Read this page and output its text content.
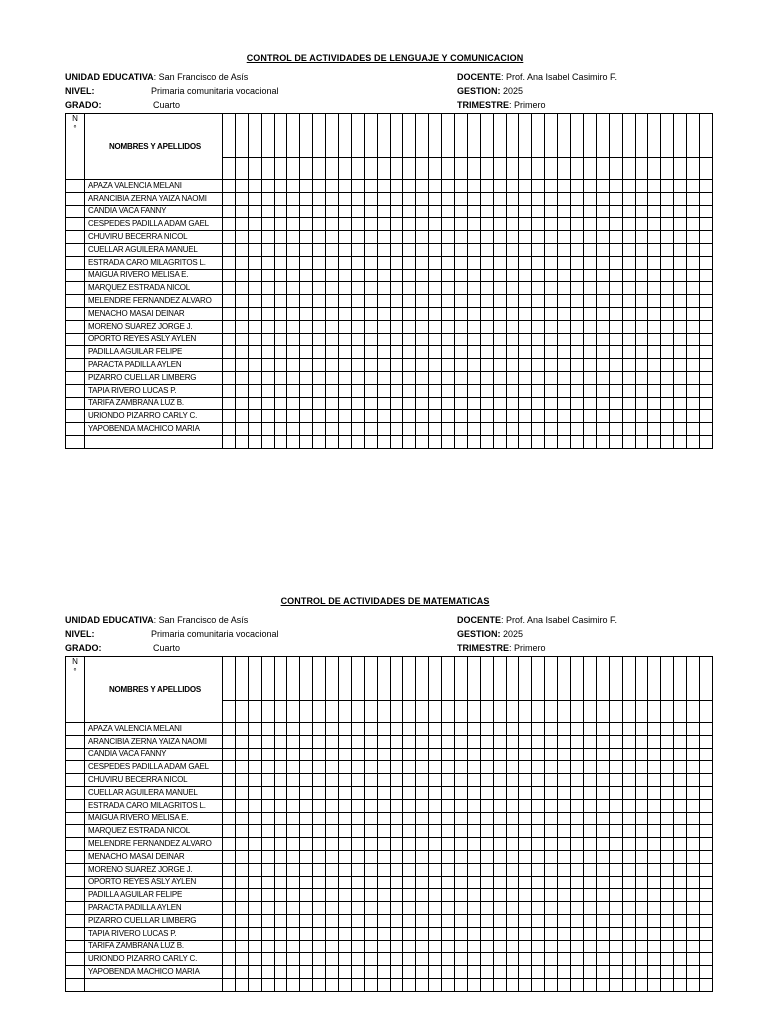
CONTROL DE ACTIVIDADES DE LENGUAJE Y COMUNICACION
UNIDAD EDUCATIVA: San Francisco de Asís
NIVEL:	Primaria comunitaria vocacional
GRADO:	Cuarto
DOCENTE: Prof. Ana Isabel Casimiro F.
GESTION: 2025
TRIMESTRE: Primero
N
°	NOMBRES Y APELLIDOS																																						

	APAZA VALENCIA MELANI																																						
	ARANCIBIA ZERNA YAIZA NAOMI																																						
	CANDIA VACA FANNY																																						
	CESPEDES PADILLA ADAM GAEL																																						
	CHUVIRU BECERRA NICOL																																						
	CUELLAR AGUILERA MANUEL																																						
	ESTRADA CARO MILAGRITOS L.																																						
	MAIGUA RIVERO MELISA E.																																						
	MARQUEZ ESTRADA NICOL																																						
	MELENDRE FERNANDEZ ALVARO																																						
	MENACHO MASAI DEINAR																																						
	MORENO SUAREZ JORGE J.																																						
	OPORTO REYES ASLY AYLEN																																						
	PADILLA AGUILAR FELIPE																																						
	PARACTA PADILLA AYLEN																																						
	PIZARRO CUELLAR LIMBERG																																						
	TAPIA RIVERO LUCAS P.																																						
	TARIFA ZAMBRANA LUZ B.																																						
	URIONDO PIZARRO CARLY C.																																						
	YAPOBENDA MACHICO MARIA																																						

CONTROL DE ACTIVIDADES DE MATEMATICAS
UNIDAD EDUCATIVA: San Francisco de Asís
NIVEL:	Primaria comunitaria vocacional
GRADO:	Cuarto
DOCENTE: Prof. Ana Isabel Casimiro F.
GESTION: 2025
TRIMESTRE: Primero
N
°	NOMBRES Y APELLIDOS																																						

	APAZA VALENCIA MELANI																																						
	ARANCIBIA ZERNA YAIZA NAOMI																																						
	CANDIA VACA FANNY																																						
	CESPEDES PADILLA ADAM GAEL																																						
	CHUVIRU BECERRA NICOL																																						
	CUELLAR AGUILERA MANUEL																																						
	ESTRADA CARO MILAGRITOS L.																																						
	MAIGUA RIVERO MELISA E.																																						
	MARQUEZ ESTRADA NICOL																																						
	MELENDRE FERNANDEZ ALVARO																																						
	MENACHO MASAI DEINAR																																						
	MORENO SUAREZ JORGE J.																																						
	OPORTO REYES ASLY AYLEN																																						
	PADILLA AGUILAR FELIPE																																						
	PARACTA PADILLA AYLEN																																						
	PIZARRO CUELLAR LIMBERG																																						
	TAPIA RIVERO LUCAS P.																																						
	TARIFA ZAMBRANA LUZ B.																																						
	URIONDO PIZARRO CARLY C.																																						
	YAPOBENDA MACHICO MARIA																																						
